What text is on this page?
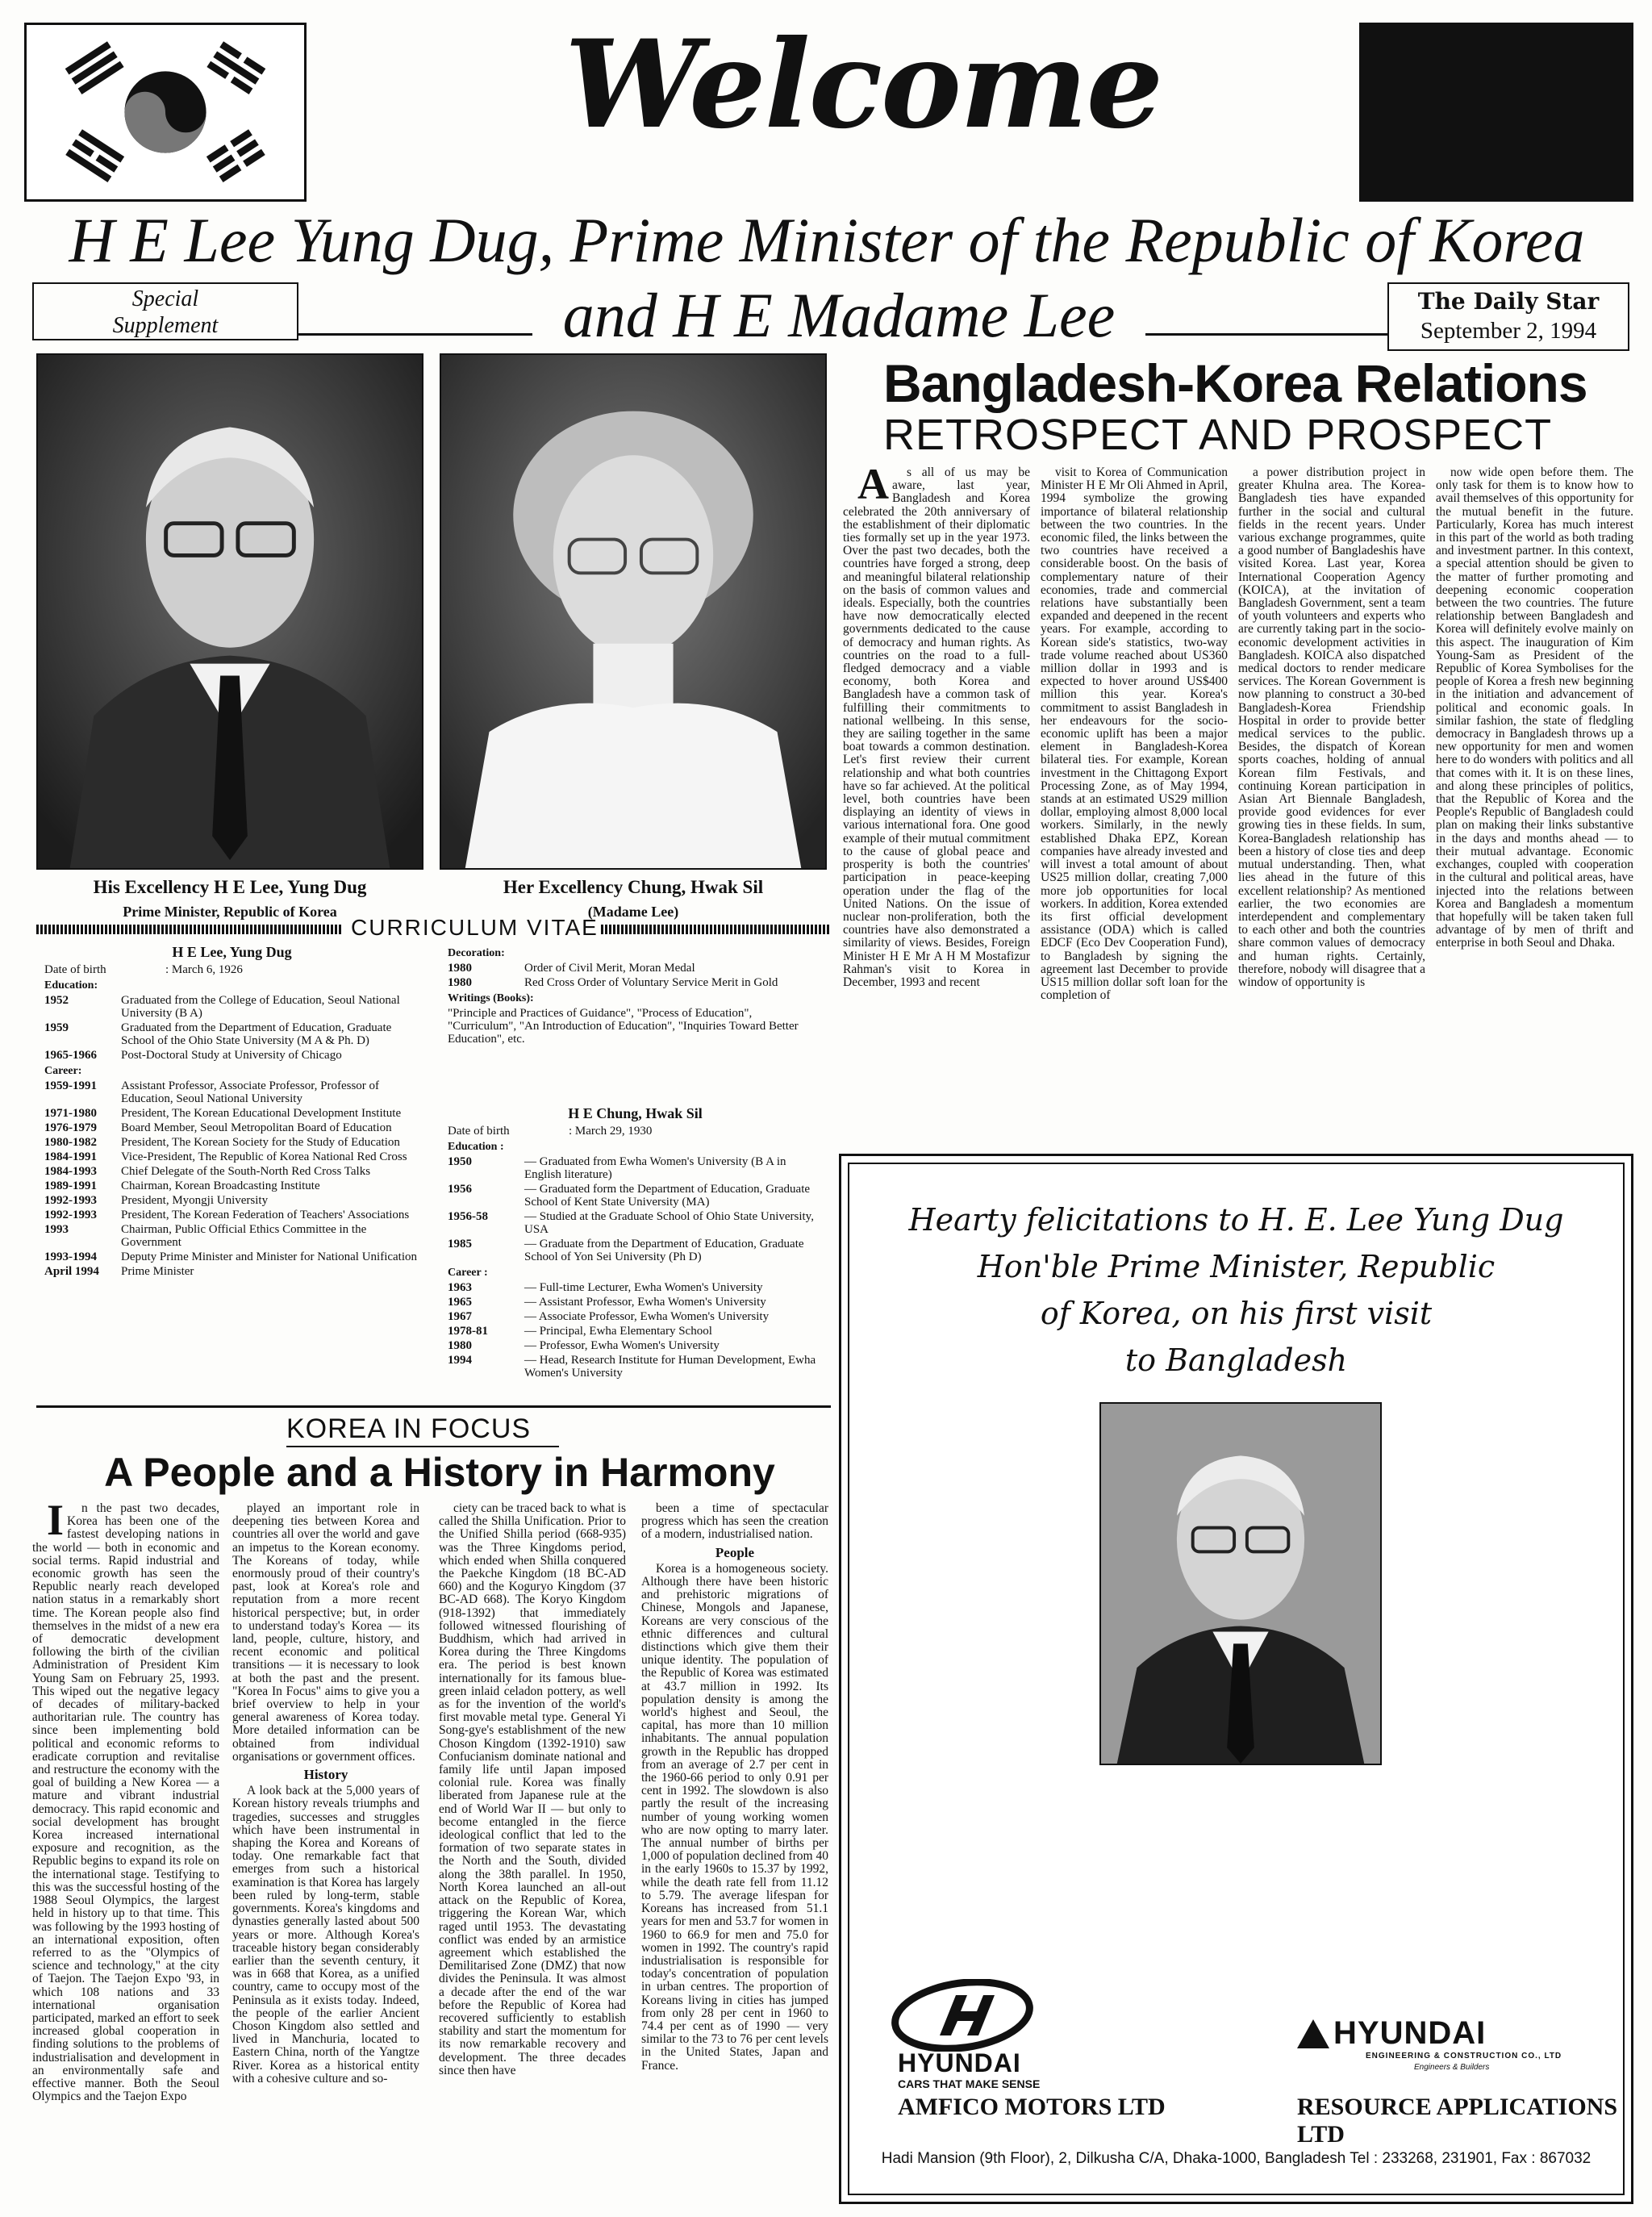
Welcome
H E Lee Yung Dug, Prime Minister of the Republic of Korea
Special
Supplement	and H E Madame Lee	The Daily Star
September 2, 1994
His Excellency H E Lee, Yung Dug
Prime Minister, Republic of Korea
Her Excellency Chung, Hwak Sil
(Madame Lee)
CURRICULUM VITAE
H E Lee, Yung Dug
Date of birth	: March 6, 1926
Education:
1952	Graduated from the College of Education, Seoul National University (B A)
1959	Graduated from the Department of Education, Graduate School of the Ohio State University (M A & Ph. D)
1965-1966	Post-Doctoral Study at University of Chicago
Career:
1959-1991	Assistant Professor, Associate Professor, Professor of Education, Seoul National University
1971-1980	President, The Korean Educational Development Institute
1976-1979	Board Member, Seoul Metropolitan Board of Education
1980-1982	President, The Korean Society for the Study of Education
1984-1991	Vice-President, The Republic of Korea National Red Cross
1984-1993	Chief Delegate of the South-North Red Cross Talks
1989-1991	Chairman, Korean Broadcasting Institute
1992-1993	President, Myongji University
1992-1993	President, The Korean Federation of Teachers' Associations
1993	Chairman, Public Official Ethics Committee in the Government
1993-1994	Deputy Prime Minister and Minister for National Unification
April 1994	Prime Minister
Decoration:
1980	Order of Civil Merit, Moran Medal
1980	Red Cross Order of Voluntary Service Merit in Gold
Writings (Books):
"Principle and Practices of Guidance", "Process of Education", "Curriculum", "An Introduction of Education", "Inquiries Toward Better Education", etc.
H E Chung, Hwak Sil
Date of birth	: March 29, 1930
Education :
1950	— Graduated from Ewha Women's University (B A in English literature)
1956	— Graduated form the Department of Education, Graduate School of Kent State University (MA)
1956-58	— Studied at the Graduate School of Ohio State University, USA
1985	— Graduate from the Department of Education, Graduate School of Yon Sei University (Ph D)
Career :
1963	— Full-time Lecturer, Ewha Women's University
1965	— Assistant Professor, Ewha Women's University
1967	— Associate Professor, Ewha Women's University
1978-81	— Principal, Ewha Elementary School
1980	— Professor, Ewha Women's University
1994	— Head, Research Institute for Human Development, Ewha Women's University
Bangladesh-Korea Relations
RETROSPECT AND PROSPECT

As all of us may be aware, last year, Bangladesh and Korea celebrated the 20th anniversary of the establishment of their diplomatic ties formally set up in the year 1973. Over the past two decades, both the countries have forged a strong, deep and meaningful bilateral relationship on the basis of common values and ideals. Especially, both the countries have now democratically elected governments dedicated to the cause of democracy and human rights. As countries on the road to a full-fledged democracy and a viable economy, both Korea and Bangladesh have a common task of fulfilling their commitments to national wellbeing. In this sense, they are sailing together in the same boat towards a common destination. Let's first review their current relationship and what both countries have so far achieved. At the political level, both countries have been displaying an identity of views in various international fora. One good example of their mutual commitment to the cause of global peace and prosperity is both the countries' participation in peace-keeping operation under the flag of the United Nations. On the issue of nuclear non-proliferation, both the countries have also demonstrated a similarity of views. Besides, Foreign Minister H E Mr A H M Mostafizur Rahman's visit to Korea in December, 1993 and recent

visit to Korea of Communication Minister H E Mr Oli Ahmed in April, 1994 symbolize the growing importance of bilateral relationship between the two countries. In the economic filed, the links between the two countries have received a considerable boost. On the basis of complementary nature of their economies, trade and commercial relations have substantially been expanded and deepened in the recent years. For example, according to Korean side's statistics, two-way trade volume reached about US360 million dollar in 1993 and is expected to hover around US$400 million this year. Korea's commitment to assist Bangladesh in her endeavours for the socio-economic uplift has been a major element in Bangladesh-Korea bilateral ties. For example, Korean investment in the Chittagong Export Processing Zone, as of May 1994, stands at an estimated US29 million dollar, employing almost 8,000 local workers. Similarly, in the newly established Dhaka EPZ, Korean companies have already invested and will invest a total amount of about US25 million dollar, creating 7,000 more job opportunities for local workers. In addition, Korea extended its first official development assistance (ODA) which is called EDCF (Eco Dev Cooperation Fund), to Bangladesh by signing the agreement last December to provide US15 million dollar soft loan for the completion of

a power distribution project in greater Khulna area. The Korea-Bangladesh ties have expanded further in the social and cultural fields in the recent years. Under various exchange programmes, quite a good number of Bangladeshis have visited Korea. Last year, Korea International Cooperation Agency (KOICA), at the invitation of Bangladesh Government, sent a team of youth volunteers and experts who are currently taking part in the socio-economic development activities in Bangladesh. KOICA also dispatched medical doctors to render medicare services. The Korean Government is now planning to construct a 30-bed Bangladesh-Korea Friendship Hospital in order to provide better medical services to the public. Besides, the dispatch of Korean sports coaches, holding of annual Korean film Festivals, and continuing Korean participation in Asian Art Biennale Bangladesh, provide good evidences for ever growing ties in these fields. In sum, Korea-Bangladesh relationship has been a history of close ties and deep mutual understanding. Then, what lies ahead in the future of this excellent relationship? As mentioned earlier, the two economies are interdependent and complementary to each other and both the countries share common values of democracy and human rights. Certainly, therefore, nobody will disagree that a window of opportunity is

now wide open before them. The only task for them is to know how to avail themselves of this opportunity for the mutual benefit in the future. Particularly, Korea has much interest in this part of the world as both trading and investment partner. In this context, a special attention should be given to the matter of further promoting and deepening economic cooperation between the two countries. The future relationship between Bangladesh and Korea will definitely evolve mainly on this aspect. The inauguration of Kim Young-Sam as President of the Republic of Korea Symbolises for the people of Korea a fresh new beginning in the initiation and advancement of political and economic goals. In similar fashion, the state of fledgling democracy in Bangladesh throws up a new opportunity for men and women here to do wonders with politics and all that comes with it. It is on these lines, and along these principles of politics, that the Republic of Korea and the People's Republic of Bangladesh could plan on making their links substantive in the days and months ahead — to their mutual advantage. Economic exchanges, coupled with cooperation in the cultural and political areas, have injected into the relations between Korea and Bangladesh a momentum that hopefully will be taken taken full advantage of by men of thrift and enterprise in both Seoul and Dhaka.

KOREA IN FOCUS
A People and a History in Harmony

In the past two decades, Korea has been one of the fastest developing nations in the world — both in economic and social terms. Rapid industrial and economic growth has seen the Republic nearly reach developed nation status in a remarkably short time. The Korean people also find themselves in the midst of a new era of democratic development following the birth of the civilian Administration of President Kim Young Sam on February 25, 1993. This wiped out the negative legacy of decades of military-backed authoritarian rule. The country has since been implementing bold political and economic reforms to eradicate corruption and revitalise and restructure the economy with the goal of building a New Korea — a mature and vibrant industrial democracy. This rapid economic and social development has brought Korea increased international exposure and recognition, as the Republic begins to expand its role on the international stage. Testifying to this was the successful hosting of the 1988 Seoul Olympics, the largest held in history up to that time. This was following by the 1993 hosting of an international exposition, often referred to as the "Olympics of science and technology," at the city of Taejon. The Taejon Expo '93, in which 108 nations and 33 international organisation participated, marked an effort to seek increased global cooperation in finding solutions to the problems of industrialisation and development in an environmentally safe and effective manner. Both the Seoul Olympics and the Taejon Expo

played an important role in deepening ties between Korea and countries all over the world and gave an impetus to the Korean economy. The Koreans of today, while enormously proud of their country's past, look at Korea's role and reputation from a more recent historical perspective; but, in order to understand today's Korea — its land, people, culture, history, and recent economic and political transitions — it is necessary to look at both the past and the present. "Korea In Focus" aims to give you a brief overview to help in your general awareness of Korea today. More detailed information can be obtained from individual organisations or government offices.

History

A look back at the 5,000 years of Korean history reveals triumphs and tragedies, successes and struggles which have been instrumental in shaping the Korea and Koreans of today. One remarkable fact that emerges from such a historical examination is that Korea has largely been ruled by long-term, stable governments. Korea's kingdoms and dynasties generally lasted about 500 years or more. Although Korea's traceable history began considerably earlier than the seventh century, it was in 668 that Korea, as a unified country, came to occupy most of the Peninsula as it exists today. Indeed, the people of the earlier Ancient Choson Kingdom also settled and lived in Manchuria, located to Eastern China, north of the Yangtze River. Korea as a historical entity with a cohesive culture and so-

ciety can be traced back to what is called the Shilla Unification. Prior to the Unified Shilla period (668-935) was the Three Kingdoms period, which ended when Shilla conquered the Paekche Kingdom (18 BC-AD 660) and the Koguryo Kingdom (37 BC-AD 668). The Koryo Kingdom (918-1392) that immediately followed witnessed flourishing of Buddhism, which had arrived in Korea during the Three Kingdoms era. The period is best known internationally for its famous blue-green inlaid celadon pottery, as well as for the invention of the world's first movable metal type. General Yi Song-gye's establishment of the new Choson Kingdom (1392-1910) saw Confucianism dominate national and family life until Japan imposed colonial rule. Korea was finally liberated from Japanese rule at the end of World War II — but only to become entangled in the fierce ideological conflict that led to the formation of two separate states in the North and the South, divided along the 38th parallel. In 1950, North Korea launched an all-out attack on the Republic of Korea, triggering the Korean War, which raged until 1953. The devastating conflict was ended by an armistice agreement which established the Demilitarised Zone (DMZ) that now divides the Peninsula. It was almost a decade after the end of the war before the Republic of Korea had recovered sufficiently to establish stability and start the momentum for its now remarkable recovery and development. The three decades since then have

been a time of spectacular progress which has seen the creation of a modern, industrialised nation.

People

Korea is a homogeneous society. Although there have been historic and prehistoric migrations of Chinese, Mongols and Japanese, Koreans are very conscious of the ethnic differences and cultural distinctions which give them their unique identity. The population of the Republic of Korea was estimated at 43.7 million in 1992. Its population density is among the world's highest and Seoul, the capital, has more than 10 million inhabitants. The annual population growth in the Republic has dropped from an average of 2.7 per cent in the 1960-66 period to only 0.91 per cent in 1992. The slowdown is also partly the result of the increasing number of young working women who are now opting to marry later. The annual number of births per 1,000 of population declined from 40 in the early 1960s to 15.37 by 1992, while the death rate fell from 11.12 to 5.79. The average lifespan for Koreans has increased from 51.1 years for men and 53.7 for women in 1960 to 66.9 for men and 75.0 for women in 1992. The country's rapid industrialisation is responsible for today's concentration of population in urban centres. The proportion of Koreans living in cities has jumped from only 28 per cent in 1960 to 74.4 per cent as of 1990 — very similar to the 73 to 76 per cent levels in the United States, Japan and France.

Hearty felicitations to H. E. Lee Yung Dug
Hon'ble Prime Minister, Republic
of Korea, on his first visit
to Bangladesh
HYUNDAI
CARS THAT MAKE SENSE
AMFICO MOTORS LTD
HYUNDAI
ENGINEERING & CONSTRUCTION CO., LTD
Engineers & Builders
RESOURCE APPLICATIONS LTD
Hadi Mansion (9th Floor), 2, Dilkusha C/A, Dhaka-1000, Bangladesh Tel : 233268, 231901, Fax : 867032
